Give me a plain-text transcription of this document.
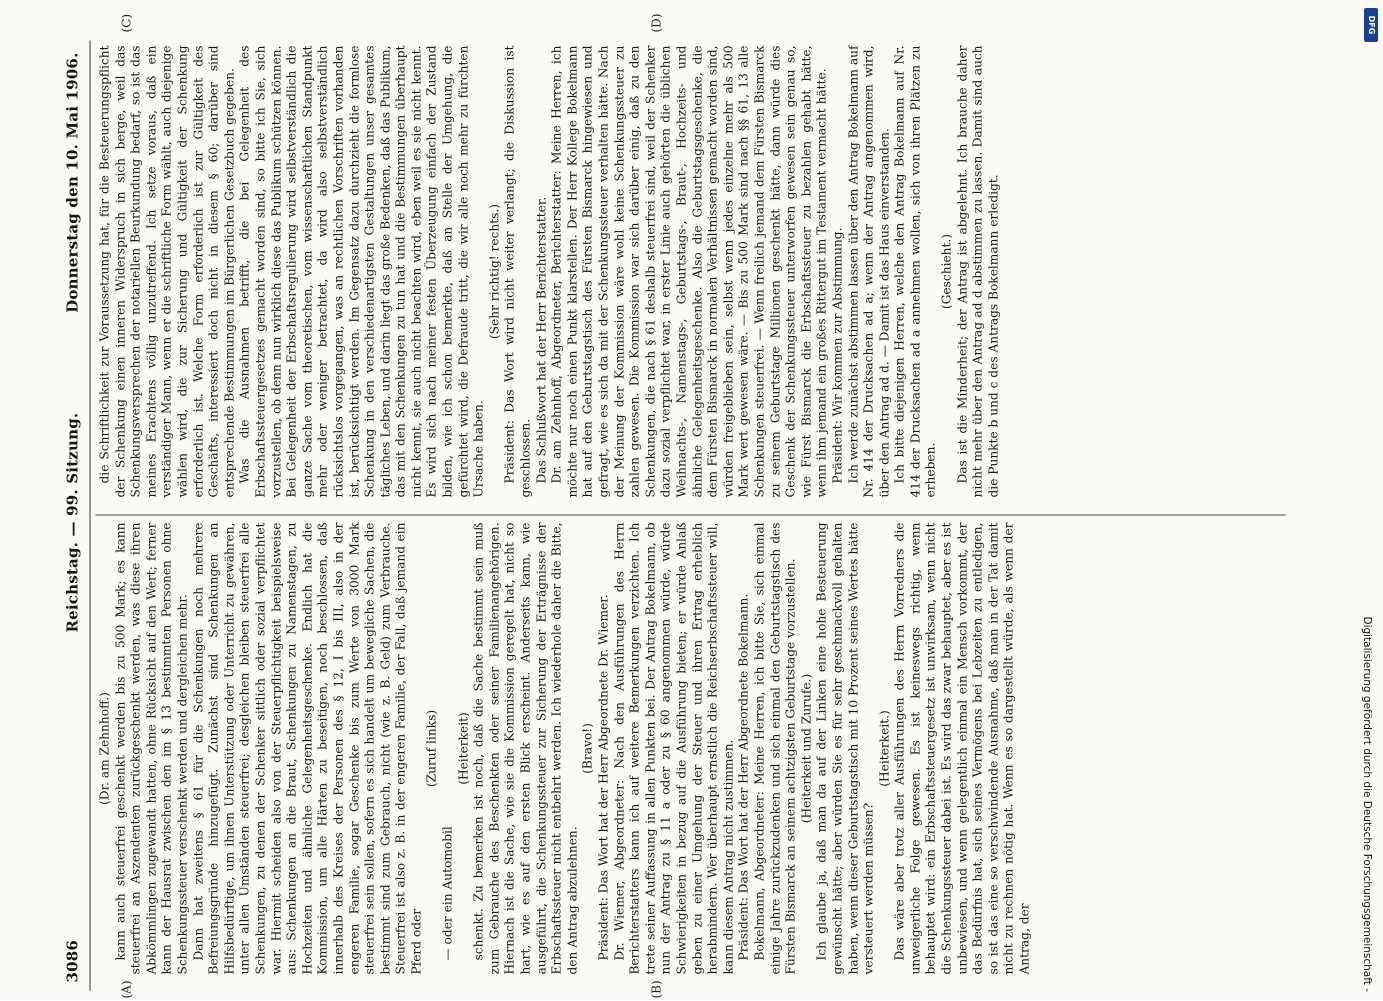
3086
Reichstag. — 99. Sitzung.
Donnerstag den 10. Mai 1906.
(A)	(B)
(C)	(D)

(Dr. am Zehnhoff.) kann auch steuerfrei geschenkt werden bis zu 500 Mark; es kann steuerfrei an Aszendenten zurückgeschenkt werden, was diese ihren Abkömmlingen zugewandt hatten, ohne Rücksicht auf den Wert; ferner kann der Hausrat zwischen den im § 13 bestimmten Personen ohne Schenkungssteuer verschenkt werden und dergleichen mehr. Dann hat zweitens § 61 für die Schenkungen noch mehrere Befreiungsgründe hinzugefügt. Zunächst sind Schenkungen an Hilfsbedürftige, um ihnen Unterstützung oder Unterricht zu gewähren, unter allen Umständen steuerfrei; desgleichen bleiben steuerfrei alle Schenkungen, zu denen der Schenker sittlich oder sozial verpflichtet war. Hiermit scheiden also von der Steuerpflichtigkeit beispielsweise aus: Schenkungen an die Braut, Schenkungen zu Namenstagen, zu Hochzeiten und ähnliche Gelegenheitsgeschenke. Endlich hat die Kommission, um alle Härten zu beseitigen, noch beschlossen, daß innerhalb des Kreises der Personen des § 12, I bis III, also in der engeren Familie, sogar Geschenke bis zum Werte von 3000 Mark steuerfrei sein sollen, sofern es sich handelt um bewegliche Sachen, die bestimmt sind zum Gebrauch, nicht (wie z. B. Geld) zum Verbrauche. Steuerfrei ist also z. B. in der engeren Familie, der Fall, daß jemand ein Pferd oder

(Zuruf links)

— oder ein Automobil

(Heiterkeit) schenkt. Zu bemerken ist noch, daß die Sache bestimmt sein muß zum Gebrauche des Beschenkten oder seiner Familienangehörigen. Hiernach ist die Sache, wie sie die Kommission geregelt hat, nicht so hart, wie es auf den ersten Blick erscheint. Anderseits kann, wie ausgeführt, die Schenkungssteuer zur Sicherung der Erträgnisse der Erbschaftssteuer nicht entbehrt werden. Ich wiederhole daher die Bitte, den Antrag abzulehnen.

(Bravo!) Präsident: Das Wort hat der Herr Abgeordnete Dr. Wiemer. Dr. Wiemer, Abgeordneter: Nach den Ausführungen des Herrn Berichterstatters kann ich auf weitere Bemerkungen verzichten. Ich trete seiner Auffassung in allen Punkten bei. Der Antrag Bokelmann, ob nun der Antrag zu § 11 a oder zu § 60 angenommen würde, würde Schwierigkeiten in bezug auf die Ausführung bieten; er würde Anlaß geben zu einer Umgehung der Steuer und ihren Ertrag erheblich herabmindern. Wer überhaupt ernstlich die Reichserbschaftssteuer will, kann diesem Antrag nicht zustimmen. Präsident: Das Wort hat der Herr Abgeordnete Bokelmann. Bokelmann, Abgeordneter: Meine Herren, ich bitte Sie, sich einmal einige Jahre zurückzudenken und sich einmal den Geburtstagstisch des Fürsten Bismarck an seinem achtzigsten Geburtstage vorzustellen. (Heiterkeit und Zurufe.) Ich glaube ja, daß man da auf der Linken eine hohe Besteuerung gewünscht hätte; aber würden Sie es für sehr geschmackvoll gehalten haben, wenn dieser Geburtstagstisch mit 10 Prozent seines Wertes hätte versteuert werden müssen?

(Heiterkeit.) Das wäre aber trotz aller Ausführungen des Herrn Vorredners die unweigerliche Folge gewesen. Es ist keineswegs richtig, wenn behauptet wird: ein Erbschaftssteuergesetz ist unwirksam, wenn nicht die Schenkungssteuer dabei ist. Es wird das zwar behauptet, aber es ist unbewiesen, und wenn gelegentlich einmal ein Mensch vorkommt, der das Bedürfnis hat, sich seines Vermögens bei Lebzeiten zu entledigen, so ist das eine so verschwindende Ausnahme, daß man in der Tat damit nicht zu rechnen nötig hat. Wenn es so dargestellt würde, als wenn der Antrag, der

die Schriftlichkeit zur Voraussetzung hat, für die Besteuerungspflicht der Schenkung einen inneren Widerspruch in sich berge, weil das Schenkungsversprechen der notariellen Beurkundung bedarf, so ist das meines Erachtens völlig unzutreffend. Ich setze voraus, daß ein verständiger Mann, wenn er die schriftliche Form wählt, auch diejenige wählen wird, die zur Sicherung und Gültigkeit der Schenkung erforderlich ist. Welche Form erforderlich ist zur Gültigkeit des Geschäfts, interessiert doch nicht in diesem § 60; darüber sind entsprechende Bestimmungen im Bürgerlichen Gesetzbuch gegeben. Was die Ausnahmen betrifft, die bei Gelegenheit des Erbschaftssteuergesetzes gemacht worden sind, so bitte ich Sie, sich vorzustellen, ob denn nun wirklich diese das Publikum schützen können. Bei Gelegenheit der Erbschaftsregulierung wird selbstverständlich die ganze Sache vom theoretischen, vom wissenschaftlichen Standpunkt mehr oder weniger betrachtet, da wird also selbstverständlich rücksichtslos vorgegangen, was an rechtlichen Vorschriften vorhanden ist, berücksichtigt werden. Im Gegensatz dazu durchzieht die formlose Schenkung in den verschiedenartigsten Gestaltungen unser gesamtes tägliches Leben, und darin liegt das große Bedenken, daß das Publikum, das mit den Schenkungen zu tun hat und die Bestimmungen überhaupt nicht kennt, sie auch nicht beachten wird, eben weil es sie nicht kennt. Es wird sich nach meiner festen Überzeugung einfach der Zustand bilden, wie ich schon bemerkte, daß an Stelle der Umgehung, die gefürchtet wird, die Defraude tritt, die wir alle noch mehr zu fürchten Ursache haben.

(Sehr richtig! rechts.) Präsident: Das Wort wird nicht weiter verlangt; die Diskussion ist geschlossen. Das Schlußwort hat der Herr Berichterstatter. Dr. am Zehnhoff, Abgeordneter, Berichterstatter: Meine Herren, ich möchte nur noch einen Punkt klarstellen. Der Herr Kollege Bokelmann hat auf den Geburtstagstisch des Fürsten Bismarck hingewiesen und gefragt, wie es sich da mit der Schenkungssteuer verhalten hätte. Nach der Meinung der Kommission wäre wohl keine Schenkungssteuer zu zahlen gewesen. Die Kommission war sich darüber einig, daß zu den Schenkungen, die nach § 61 deshalb steuerfrei sind, weil der Schenker dazu sozial verpflichtet war, in erster Linie auch gehörten die üblichen Weihnachts-, Namenstags-, Geburtstags-, Braut-, Hochzeits- und ähnliche Gelegenheitsgeschenke. Also die Geburtstagsgeschenke, die dem Fürsten Bismarck in normalen Verhältnissen gemacht worden sind, würden freigeblieben sein, selbst wenn jedes einzelne mehr als 500 Mark wert gewesen wäre. — Bis zu 500 Mark sind nach §§ 61, 13 alle Schenkungen steuerfrei. — Wenn freilich jemand dem Fürsten Bismarck zu seinem Geburtstage Millionen geschenkt hätte, dann würde dies Geschenk der Schenkungssteuer unterworfen gewesen sein genau so, wie Fürst Bismarck die Erbschaftssteuer zu bezahlen gehabt hätte, wenn ihm jemand ein großes Rittergut im Testament vermacht hätte. Präsident: Wir kommen zur Abstimmung. Ich werde zunächst abstimmen lassen über den Antrag Bokelmann auf Nr. 414 der Drucksachen ad a; wenn der Antrag angenommen wird, über den Antrag ad d. — Damit ist das Haus einverstanden. Ich bitte diejenigen Herren, welche den Antrag Bokelmann auf Nr. 414 der Drucksachen ad a annehmen wollen, sich von ihren Plätzen zu erheben.

(Geschieht.) Das ist die Minderheit; der Antrag ist abgelehnt. Ich brauche daher nicht mehr über den Antrag ad d abstimmen zu lassen. Damit sind auch die Punkte b und c des Antrags Bokelmann erledigt.

DFG
Digitalisierung gefördert durch die Deutsche Forschungsgemeinschaft -
